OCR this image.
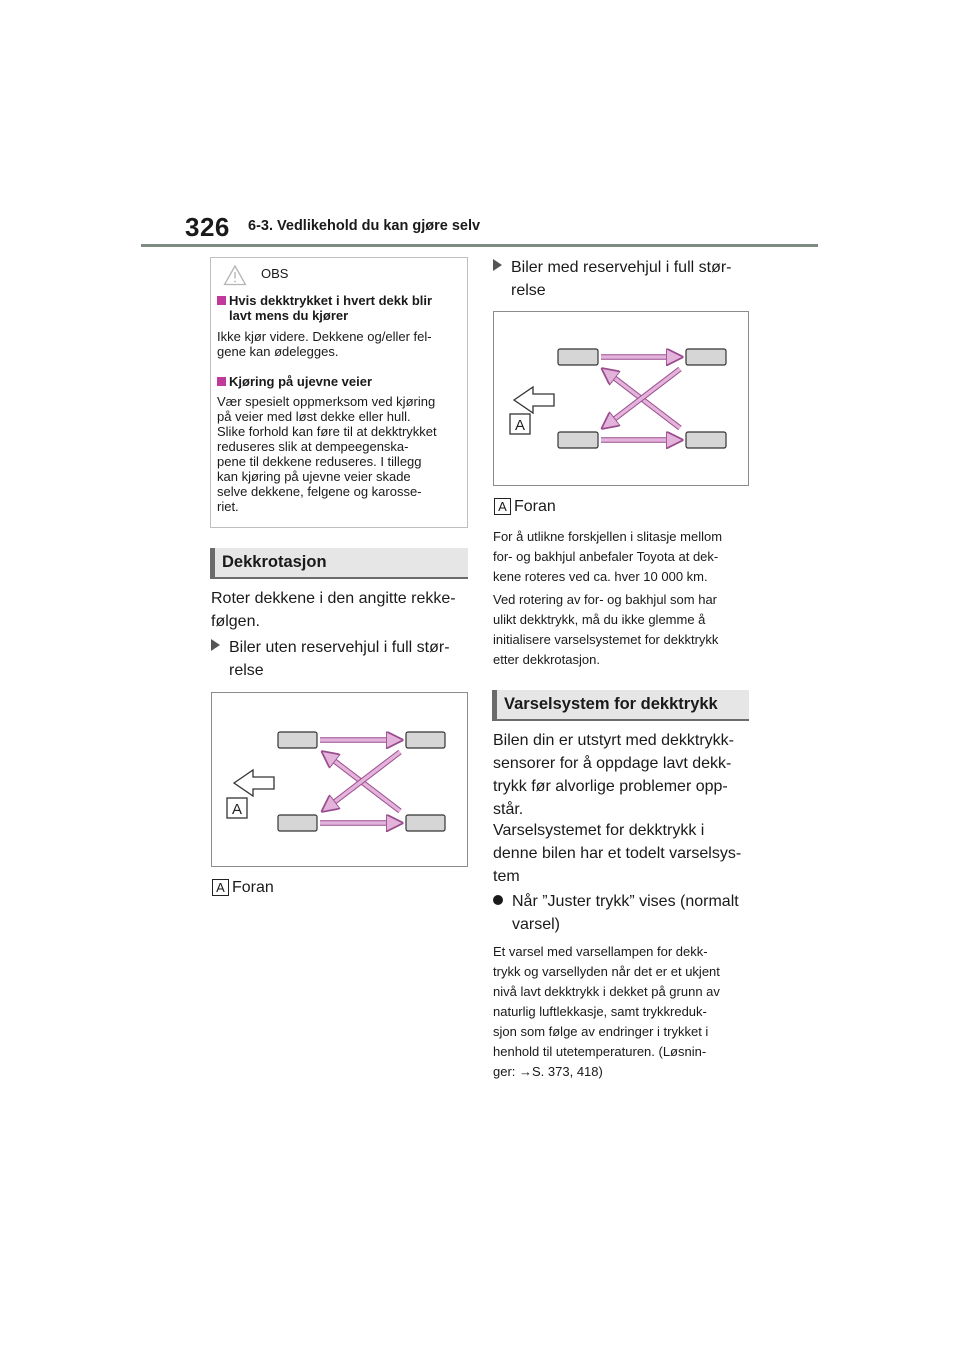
326 6-3. Vedlikehold du kan gjøre selv
OBS
Hvis dekktrykket i hvert dekk blir
lavt mens du kjører
Ikke kjør videre. Dekkene og/eller fel-
gene kan ødelegges.
Kjøring på ujevne veier
Vær spesielt oppmerksom ved kjøring
på veier med løst dekke eller hull.
Slike forhold kan føre til at dekktrykket
reduseres slik at dempeegenska-
pene til dekkene reduseres. I tillegg
kan kjøring på ujevne veier skade
selve dekkene, felgene og karosse-
riet.
Dekkrotasjon
Roter dekkene i den angitte rekke-
følgen.
Biler uten reservehjul i full stør-
relse
A
A Foran
Biler med reservehjul i full stør-
relse
A
A Foran
For å utlikne forskjellen i slitasje mellom
for- og bakhjul anbefaler Toyota at dek-
kene roteres ved ca. hver 10 000 km.
Ved rotering av for- og bakhjul som har
ulikt dekktrykk, må du ikke glemme å
initialisere varselsystemet for dekktrykk
etter dekkrotasjon.
Varselsystem for dekktrykk
Bilen din er utstyrt med dekktrykk-
sensorer for å oppdage lavt dekk-
trykk før alvorlige problemer opp-
står.
Varselsystemet for dekktrykk i
denne bilen har et todelt varselsys-
tem
Når ”Juster trykk” vises (normalt
varsel)
Et varsel med varsellampen for dekk-
trykk og varsellyden når det er et ukjent
nivå lavt dekktrykk i dekket på grunn av
naturlig luftlekkasje, samt trykkreduk-
sjon som følge av endringer i trykket i
henhold til utetemperaturen. (Løsnin-
ger: →S. 373, 418)
